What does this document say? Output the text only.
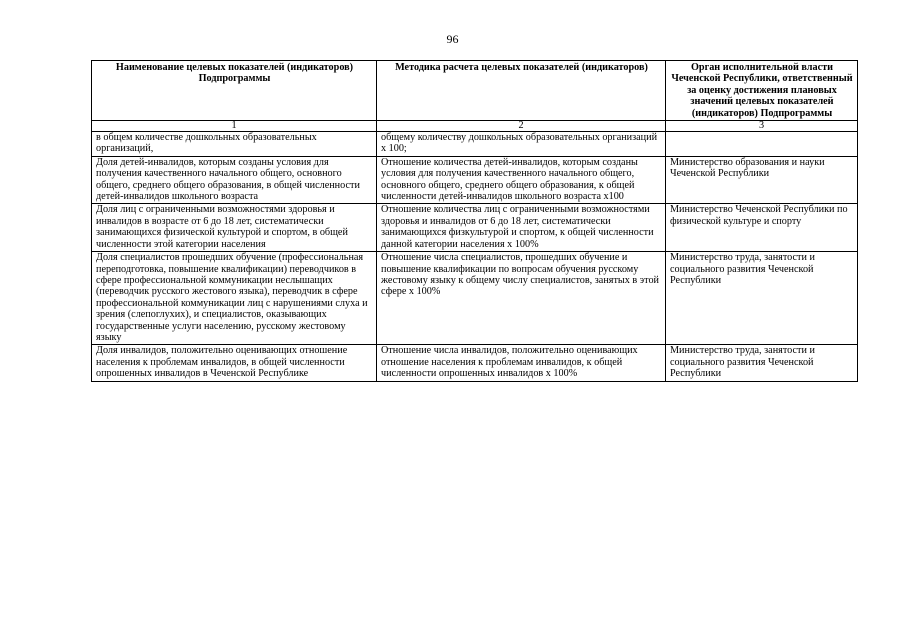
96
Наименование целевых показателей (индикаторов) Подпрограммы	Методика расчета целевых показателей (индикаторов)	Орган исполнительной власти Чеченской Республики, ответственный за оценку достижения плановых значений целевых показателей (индикаторов) Подпрограммы
1	2	3
в общем количестве дошкольных образовательных организаций,	общему количеству дошкольных образовательных организаций х 100;	
Доля детей-инвалидов, которым созданы условия для получения качественного начального общего, основного общего, среднего общего образования, в общей численности детей-инвалидов школьного возраста	Отношение количества детей-инвалидов, которым созданы условия для получения качественного начального общего, основного общего, среднего общего образования, к общей численности детей-инвалидов школьного возраста х100	Министерство образования и науки Чеченской Республики
Доля лиц с ограниченными возможностями здоровья и инвалидов в возрасте от 6 до 18 лет, систематически занимающихся физической культурой и спортом, в общей численности этой категории населения	Отношение количества лиц с ограниченными возможностями здоровья и инвалидов от 6 до 18 лет, систематически занимающихся физкультурой и спортом, к общей численности данной категории населения х 100%	Министерство Чеченской Республики по физической культуре и спорту
Доля специалистов прошедших обучение (профессиональная переподготовка, повышение квалификации) переводчиков в сфере профессиональной коммуникации неслышащих (переводчик русского жестового языка), переводчик в сфере профессиональной коммуникации лиц с нарушениями слуха и зрения (слепоглухих), и специалистов, оказывающих государственные услуги населению, русскому жестовому языку	Отношение числа специалистов, прошедших обучение и повышение квалификации по вопросам обучения русскому жестовому языку к общему числу специалистов, занятых в этой сфере х 100%	Министерство труда, занятости и социального развития Чеченской Республики
Доля инвалидов, положительно оценивающих отношение населения к проблемам инвалидов, в общей численности опрошенных инвалидов в Чеченской Республике	Отношение числа инвалидов, положительно оценивающих отношение населения к проблемам инвалидов, к общей численности опрошенных инвалидов х 100%	Министерство труда, занятости и социального развития Чеченской Республики
